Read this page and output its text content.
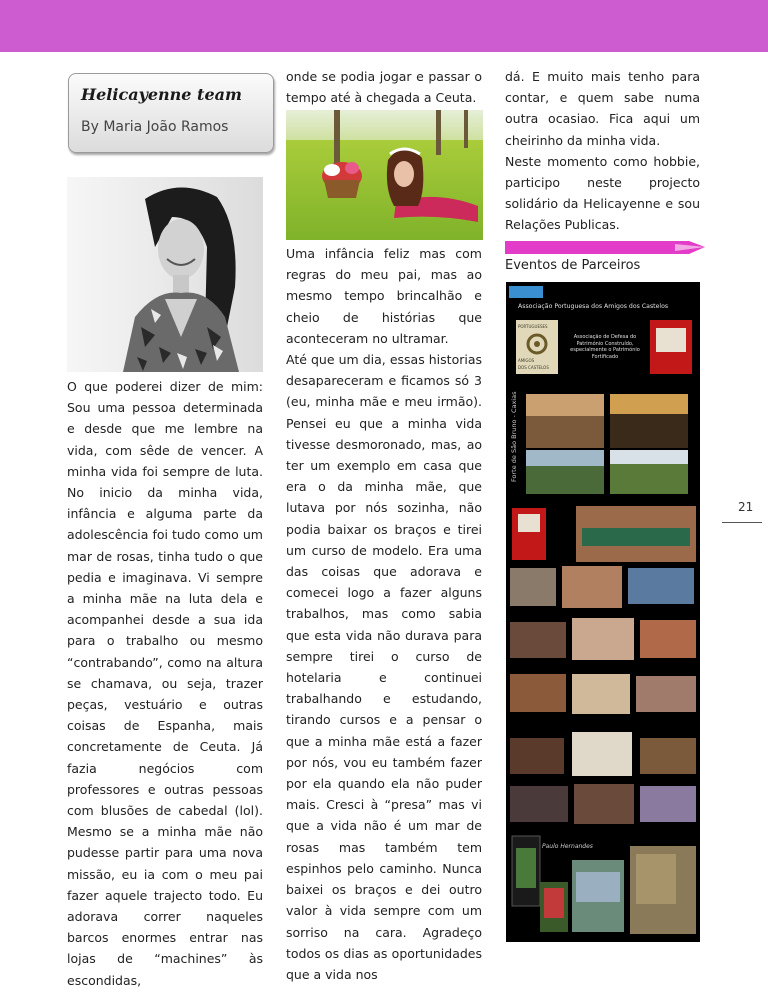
Helicayenne team
By Maria João Ramos

O que poderei dizer de mim: Sou uma pessoa determinada e desde que me lembre na vida, com sêde de vencer. A minha vida foi sempre de luta. No inicio da minha vida, infância e alguma parte da adolescência foi tudo como um mar de rosas, tinha tudo o que pedia e imaginava. Vi sempre a minha mãe na luta dela e acompanhei desde a sua ida para o trabalho ou mesmo “contrabando”, como na altura se chamava, ou seja, trazer peças, vestuário e outras coisas de Espanha, mais concretamente de Ceuta. Já fazia negócios com professores e outras pessoas com blusões de cabedal (lol). Mesmo se a minha mãe não pudesse partir para uma nova missão, eu ia com o meu pai fazer aquele trajecto todo. Eu adorava correr naqueles barcos enormes entrar nas lojas de “machines” às escondidas,

onde se podia jogar e passar o tempo até à chegada a Ceuta.

Uma infância feliz mas com regras do meu pai, mas ao mesmo tempo brincalhão e cheio de histórias que aconteceram no ultramar.

Até que um dia, essas historias desapareceram e ficamos só 3 (eu, minha mãe e meu irmão). Pensei eu que a minha vida tivesse desmoronado, mas, ao ter um exemplo em casa que era o da minha mãe, que lutava por nós sozinha, não podia baixar os braços e tirei um curso de modelo. Era uma das coisas que adorava e comecei logo a fazer alguns trabalhos, mas como sabia que esta vida não durava para sempre tirei o curso de hotelaria e continuei trabalhando e estudando, tirando cursos e a pensar o que a minha mãe está a fazer por nós, vou eu também fazer por ela quando ela não puder mais. Cresci à “presa” mas vi que a vida não é um mar de rosas mas também tem espinhos pelo caminho. Nunca baixei os braços e dei outro valor à vida sempre com um sorriso na cara. Agradeço todos os dias as oportunidades que a vida nos

dá. E muito mais tenho para contar, e quem sabe numa outra ocasiao. Fica aqui um cheirinho da minha vida.

Neste momento como hobbie, participo neste projecto solidário da Helicayenne e sou Relações Publicas.

Eventos de Parceiros
Associação Portuguesa dos Amigos dos Castelos
PORTUGUESES
AMIGOS
DOS CASTELOS
Associação de Defesa do Património Construído, especialmente o Património Fortificado
Forte de São Bruno - Caxias
Paulo Hernandes
21
